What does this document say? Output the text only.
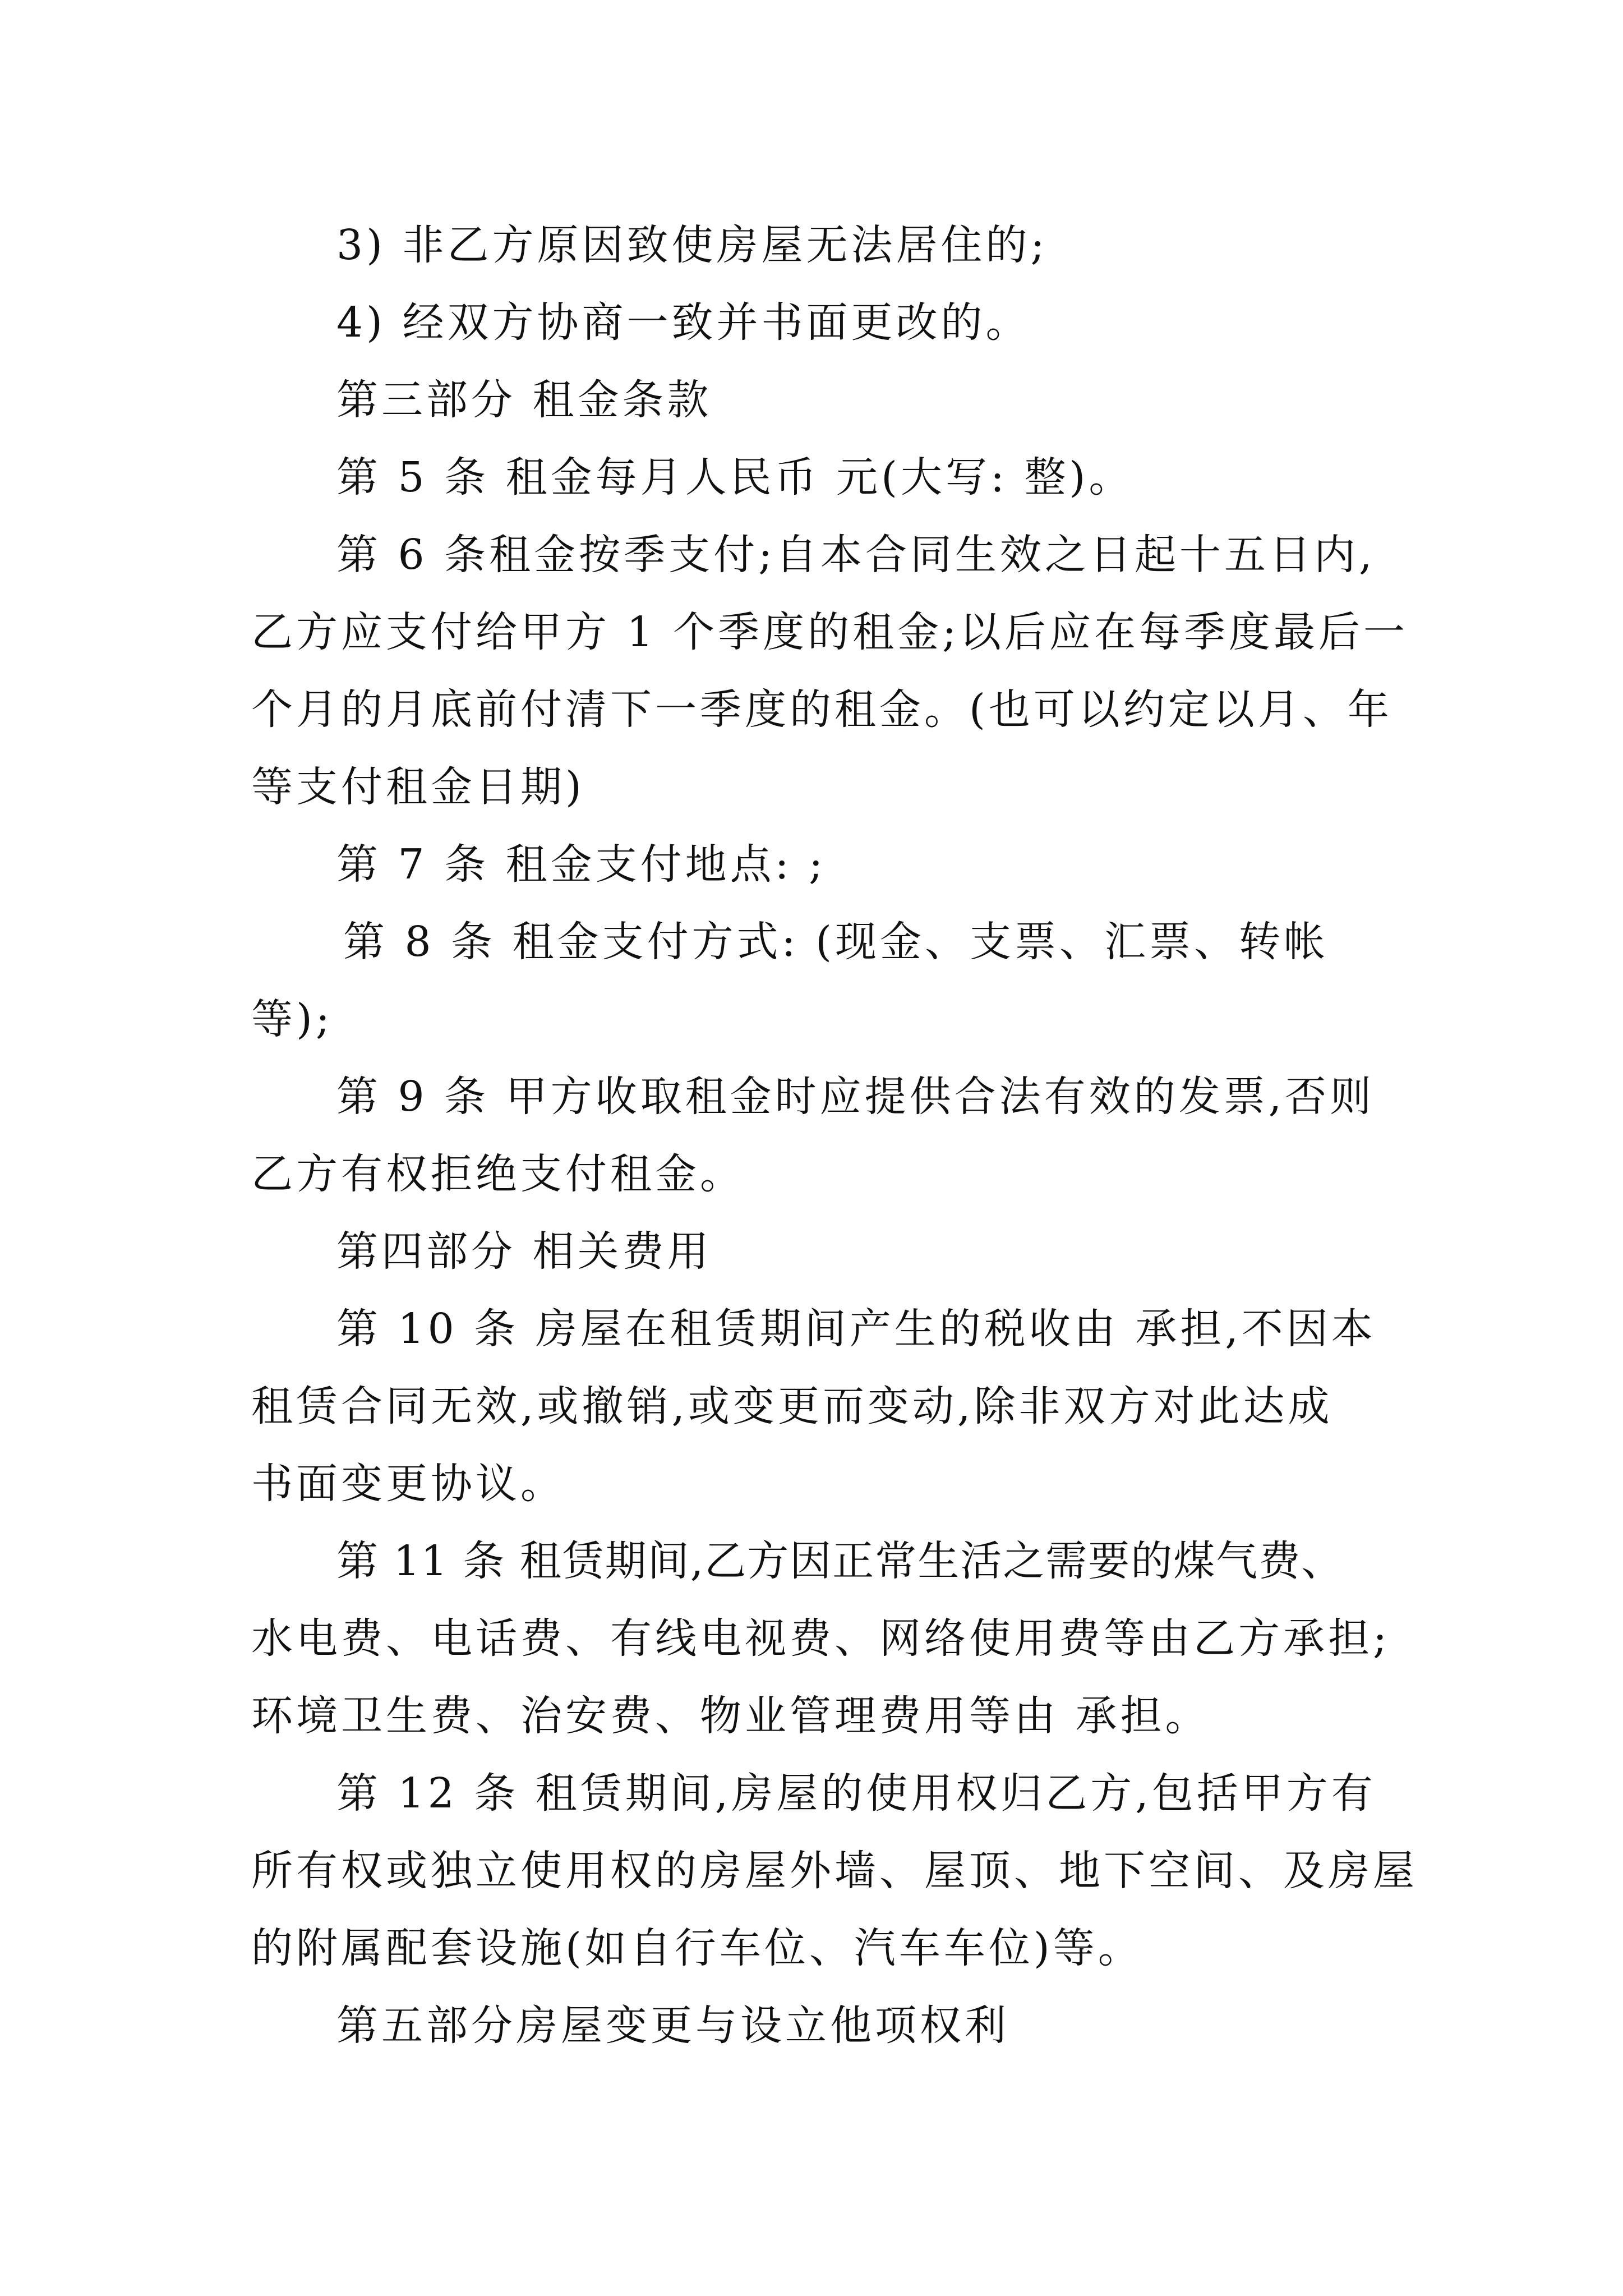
3) 非乙方原因致使房屋无法居住的;
4) 经双方协商一致并书面更改的。
第三部分 租金条款
第 5 条 租金每月人民币 元(大写: 整)。
第 6 条租金按季支付;自本合同生效之日起十五日内,
乙方应支付给甲方 1 个季度的租金;以后应在每季度最后一
个月的月底前付清下一季度的租金。(也可以约定以月、年
等支付租金日期)
第 7 条 租金支付地点: ;
第 8 条 租金支付方式: (现金、支票、汇票、转帐
等);
第 9 条 甲方收取租金时应提供合法有效的发票,否则
乙方有权拒绝支付租金。
第四部分 相关费用
第 10 条 房屋在租赁期间产生的税收由 承担,不因本
租赁合同无效,或撤销,或变更而变动,除非双方对此达成
书面变更协议。
第 11 条 租赁期间,乙方因正常生活之需要的煤气费、
水电费、电话费、有线电视费、网络使用费等由乙方承担;
环境卫生费、治安费、物业管理费用等由 承担。
第 12 条 租赁期间,房屋的使用权归乙方,包括甲方有
所有权或独立使用权的房屋外墙、屋顶、地下空间、及房屋
的附属配套设施(如自行车位、汽车车位)等。
第五部分房屋变更与设立他项权利
